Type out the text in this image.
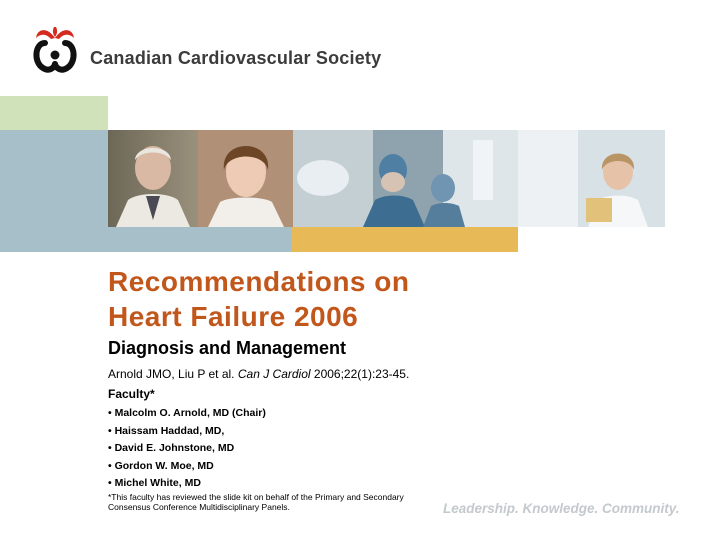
Canadian Cardiovascular Society
Recommendations on
Heart Failure 2006
Diagnosis and Management
Arnold JMO, Liu P et al. Can J Cardiol 2006;22(1):23-45.
Faculty*
• Malcolm O. Arnold, MD (Chair)
• Haissam Haddad, MD,
• David E. Johnstone, MD
• Gordon W. Moe, MD
• Michel White, MD
*This faculty has reviewed the slide kit on behalf of the Primary and Secondary Consensus Conference Multidisciplinary Panels.	Leadership. Knowledge. Community.
